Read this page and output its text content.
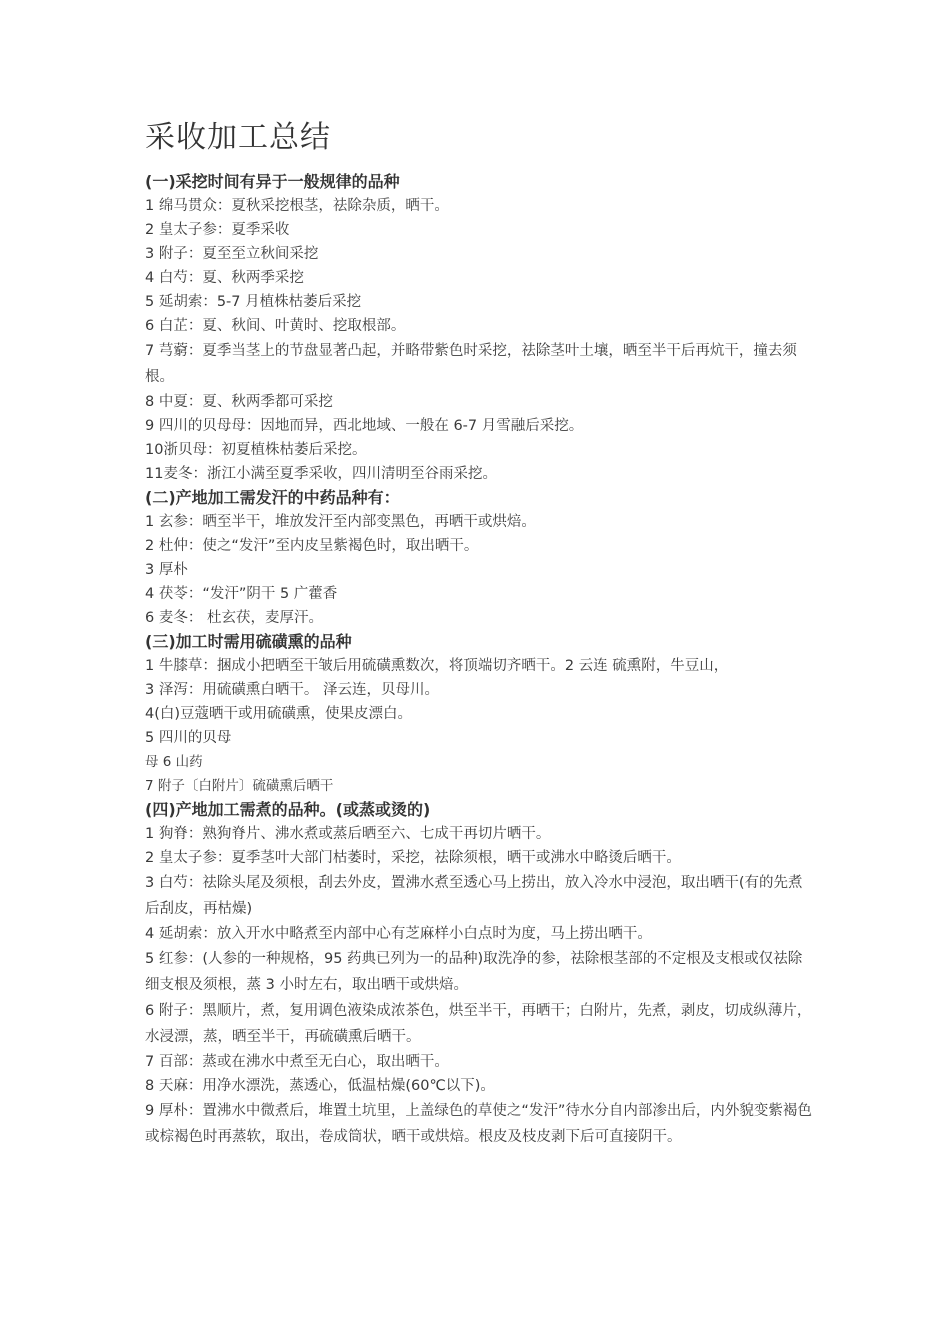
采收加工总结
(一)采挖时间有异于一般规律的品种

1 绵马贯众：夏秋采挖根茎，祛除杂质，晒干。

2 皇太子参：夏季采收

3 附子：夏至至立秋间采挖

4 白芍：夏、秋两季采挖

5 延胡索：5-7 月植株枯萎后采挖

6 白芷：夏、秋间、叶黄时、挖取根部。

7 芎藭：夏季当茎上的节盘显著凸起，并略带紫色时采挖，祛除茎叶土壤，晒至半干后再炕干，撞去须根。

8 中夏：夏、秋两季都可采挖

9 四川的贝母母：因地而异，西北地域、一般在 6-7 月雪融后采挖。

10浙贝母：初夏植株枯萎后采挖。

11麦冬：浙江小满至夏季采收，四川清明至谷雨采挖。

(二)产地加工需发汗的中药品种有：

1 玄参：晒至半干，堆放发汗至内部变黑色，再晒干或烘焙。

2 杜仲：使之“发汗”至内皮呈紫褐色时，取出晒干。

3 厚朴

4 茯苓：“发汗”阴干 5 广藿香

6 麦冬： 杜玄茯，麦厚汗。

(三)加工时需用硫磺熏的品种

1 牛膝草：捆成小把晒至干皱后用硫磺熏数次，将顶端切齐晒干。2 云连 硫熏附，牛豆山，

3 泽泻：用硫磺熏白晒干。 泽云连，贝母川。

4(白)豆蔻晒干或用硫磺熏，使果皮漂白。

5 四川的贝母

母 6 山药

7 附子〔白附片〕硫磺熏后晒干

(四)产地加工需煮的品种。(或蒸或烫的)

1 狗脊：熟狗脊片、沸水煮或蒸后晒至六、七成干再切片晒干。

2 皇太子参：夏季茎叶大部门枯萎时，采挖，祛除须根，晒干或沸水中略烫后晒干。

3 白芍：祛除头尾及须根，刮去外皮，置沸水煮至透心马上捞出，放入冷水中浸泡，取出晒干(有的先煮后刮皮，再枯燥)

4 延胡索：放入开水中略煮至内部中心有芝麻样小白点时为度，马上捞出晒干。

5 红参：(人参的一种规格，95 药典已列为一的品种)取洗净的参，祛除根茎部的不定根及支根或仅祛除细支根及须根，蒸 3 小时左右，取出晒干或烘焙。

6 附子：黑顺片，煮，复用调色液染成浓茶色，烘至半干，再晒干；白附片，先煮，剥皮，切成纵薄片，水浸漂，蒸，晒至半干，再硫磺熏后晒干。

7 百部：蒸或在沸水中煮至无白心，取出晒干。

8 天麻：用净水漂洗，蒸透心，低温枯燥(60℃以下)。

9 厚朴：置沸水中微煮后，堆置土坑里，上盖绿色的草使之“发汗”待水分自内部渗出后，内外貌变紫褐色或棕褐色时再蒸软，取出，卷成筒状，晒干或烘焙。根皮及枝皮剥下后可直接阴干。
